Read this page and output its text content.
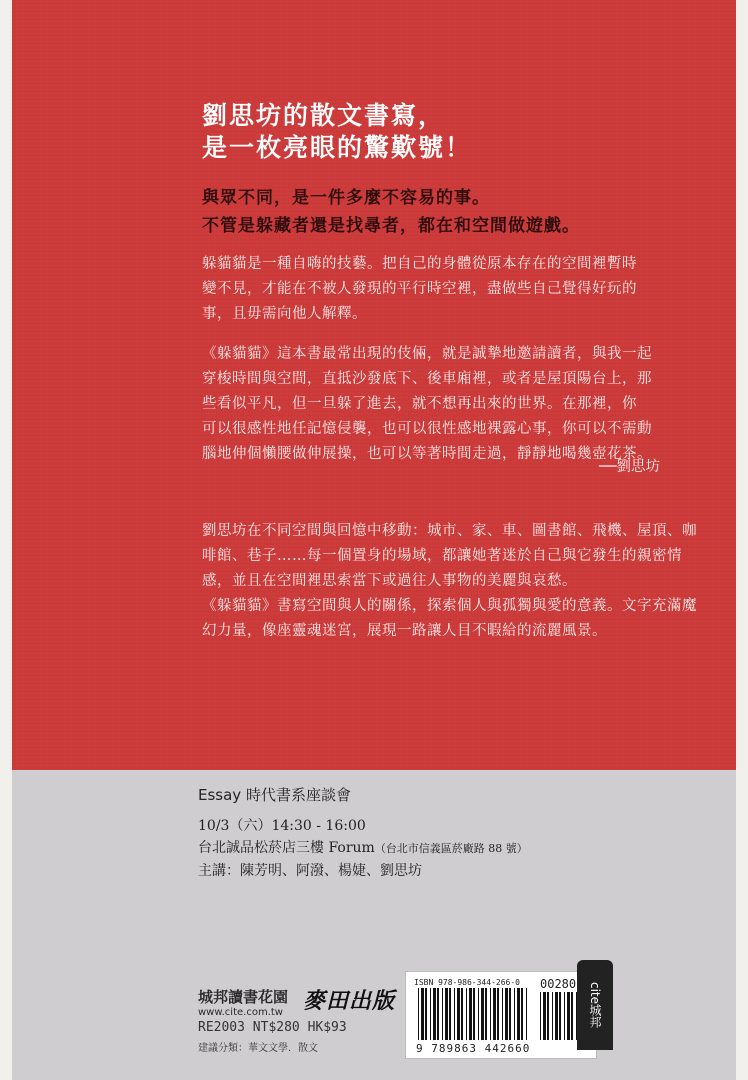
劉思坊的散文書寫，

是一枚亮眼的驚歎號！

與眾不同，是一件多麼不容易的事。

不管是躲藏者還是找尋者，都在和空間做遊戲。

躲貓貓是一種自嗨的技藝。把自己的身體從原本存在的空間裡暫時
變不見，才能在不被人發現的平行時空裡，盡做些自己覺得好玩的
事，且毋需向他人解釋。
《躲貓貓》這本書最常出現的伎倆，就是誠摯地邀請讀者，與我一起
穿梭時間與空間，直抵沙發底下、後車廂裡，或者是屋頂陽台上，那
些看似平凡，但一旦躲了進去，就不想再出來的世界。在那裡，你
可以很感性地任記憶侵襲，也可以很性感地裸露心事，你可以不需動
腦地伸個懶腰做伸展操，也可以等著時間走過，靜靜地喝幾壺花茶。
──劉思坊
劉思坊在不同空間與回憶中移動：城市、家、車、圖書館、飛機、屋頂、咖
啡館、巷子……每一個置身的場域，都讓她著迷於自己與它發生的親密情
感，並且在空間裡思索當下或過往人事物的美麗與哀愁。
《躲貓貓》書寫空間與人的關係，探索個人與孤獨與愛的意義。文字充滿魔
幻力量，像座靈魂迷宮，展現一路讓人目不暇給的流麗風景。
Essay 時代書系座談會
10/3（六）14:30 - 16:00
台北誠品松菸店三樓 Forum（台北市信義區菸廠路 88 號）
主講：陳芳明、阿潑、楊婕、劉思坊
城邦讀書花園
www.cite.com.tw 麥田出版
RE2003 NT$280 HK$93
建議分類：華文文學．散文
ISBN 978-986-344-266-0 00280
9 789863 442660
cite城邦
